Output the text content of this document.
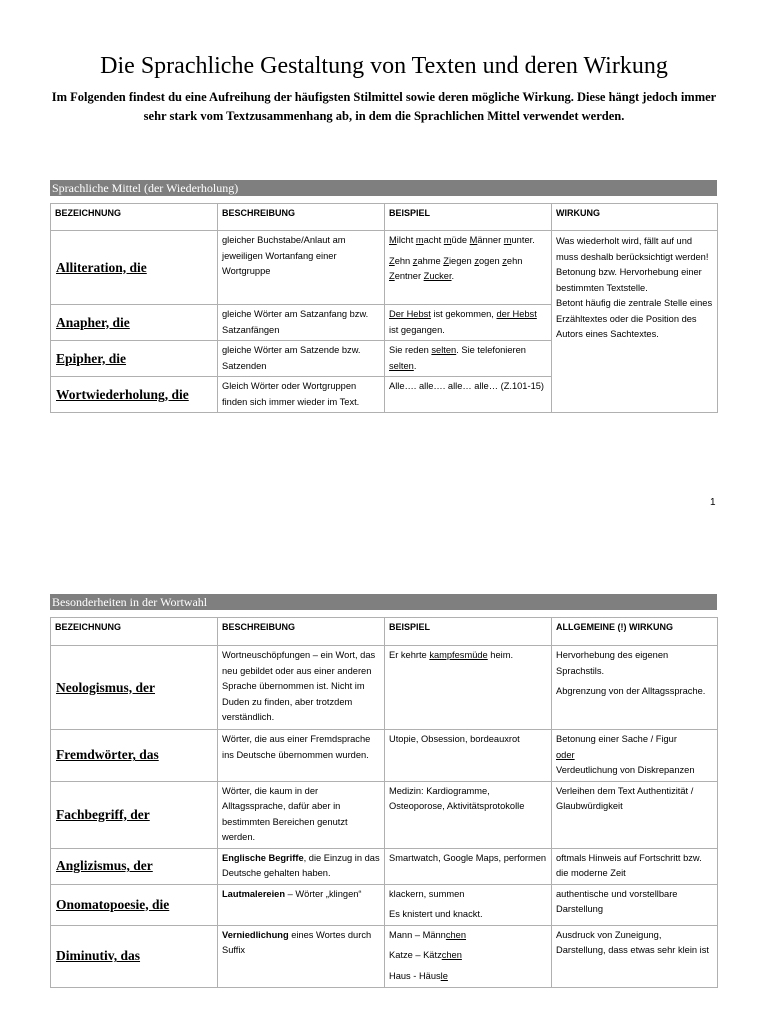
Die Sprachliche Gestaltung von Texten und deren Wirkung
Im Folgenden findest du eine Aufreihung der häufigsten Stilmittel sowie deren mögliche Wirkung. Diese hängt jedoch immer sehr stark vom Textzusammenhang ab, in dem die Sprachlichen Mittel verwendet werden.
Sprachliche Mittel (der Wiederholung)
BEZEICHNUNG	BESCHREIBUNG	BEISPIEL	WIRKUNG
Alliteration, die	gleicher Buchstabe/Anlaut am jeweiligen Wortanfang einer Wortgruppe	Milcht macht müde Männer munter.
Zehn zahme Ziegen zogen zehn Zentner Zucker.	Was wiederholt wird, fällt auf und muss deshalb berücksichtigt werden!
Betonung bzw. Hervorhebung einer bestimmten Textstelle.
Betont häufig die zentrale Stelle eines Erzähltextes oder die Position des Autors eines Sachtextes.
Anapher, die	gleiche Wörter am Satzanfang bzw. Satzanfängen	Der Hebst ist gekommen, der Hebst ist gegangen.	
Epipher, die	gleiche Wörter am Satzende bzw. Satzenden	Sie reden selten. Sie telefonieren selten.	
Wortwiederholung, die	Gleich Wörter oder Wortgruppen finden sich immer wieder im Text.	Alle…. alle…. alle… alle… (Z.101-15)	
1
Besonderheiten in der Wortwahl
BEZEICHNUNG	BESCHREIBUNG	BEISPIEL	ALLGEMEINE (!) WIRKUNG
Neologismus, der	Wortneuschöpfungen – ein Wort, das neu gebildet oder aus einer anderen Sprache übernommen ist. Nicht im Duden zu finden, aber trotzdem verständlich.	Er kehrte kampfesmüde heim.	Hervorhebung des eigenen Sprachstils.
Abgrenzung von der Alltagssprache.

Fremdwörter, das	Wörter, die aus einer Fremdsprache ins Deutsche übernommen wurden.	Utopie, Obsession, bordeauxrot	Betonung einer Sache / Figur
oder
Verdeutlichung von Diskrepanzen
Fachbegriff, der	Wörter, die kaum in der Alltagssprache, dafür aber in bestimmten Bereichen genutzt werden.	Medizin: Kardiogramme, Osteoporose, Aktivitätsprotokolle	Verleihen dem Text Authentizität / Glaubwürdigkeit
Anglizismus, der	Englische Begriffe, die Einzug in das Deutsche gehalten haben.	Smartwatch, Google Maps, performen	oftmals Hinweis auf Fortschritt bzw. die moderne Zeit
Onomatopoesie, die	Lautmalereien – Wörter „klingen“	klackern, summen
Es knistert und knackt.	authentische und vorstellbare Darstellung
Diminutiv, das	Verniedlichung eines Wortes durch Suffix	Mann – Männchen
Katze – Kätzchen
Haus - Häusle	Ausdruck von Zuneigung, Darstellung, dass etwas sehr klein ist
